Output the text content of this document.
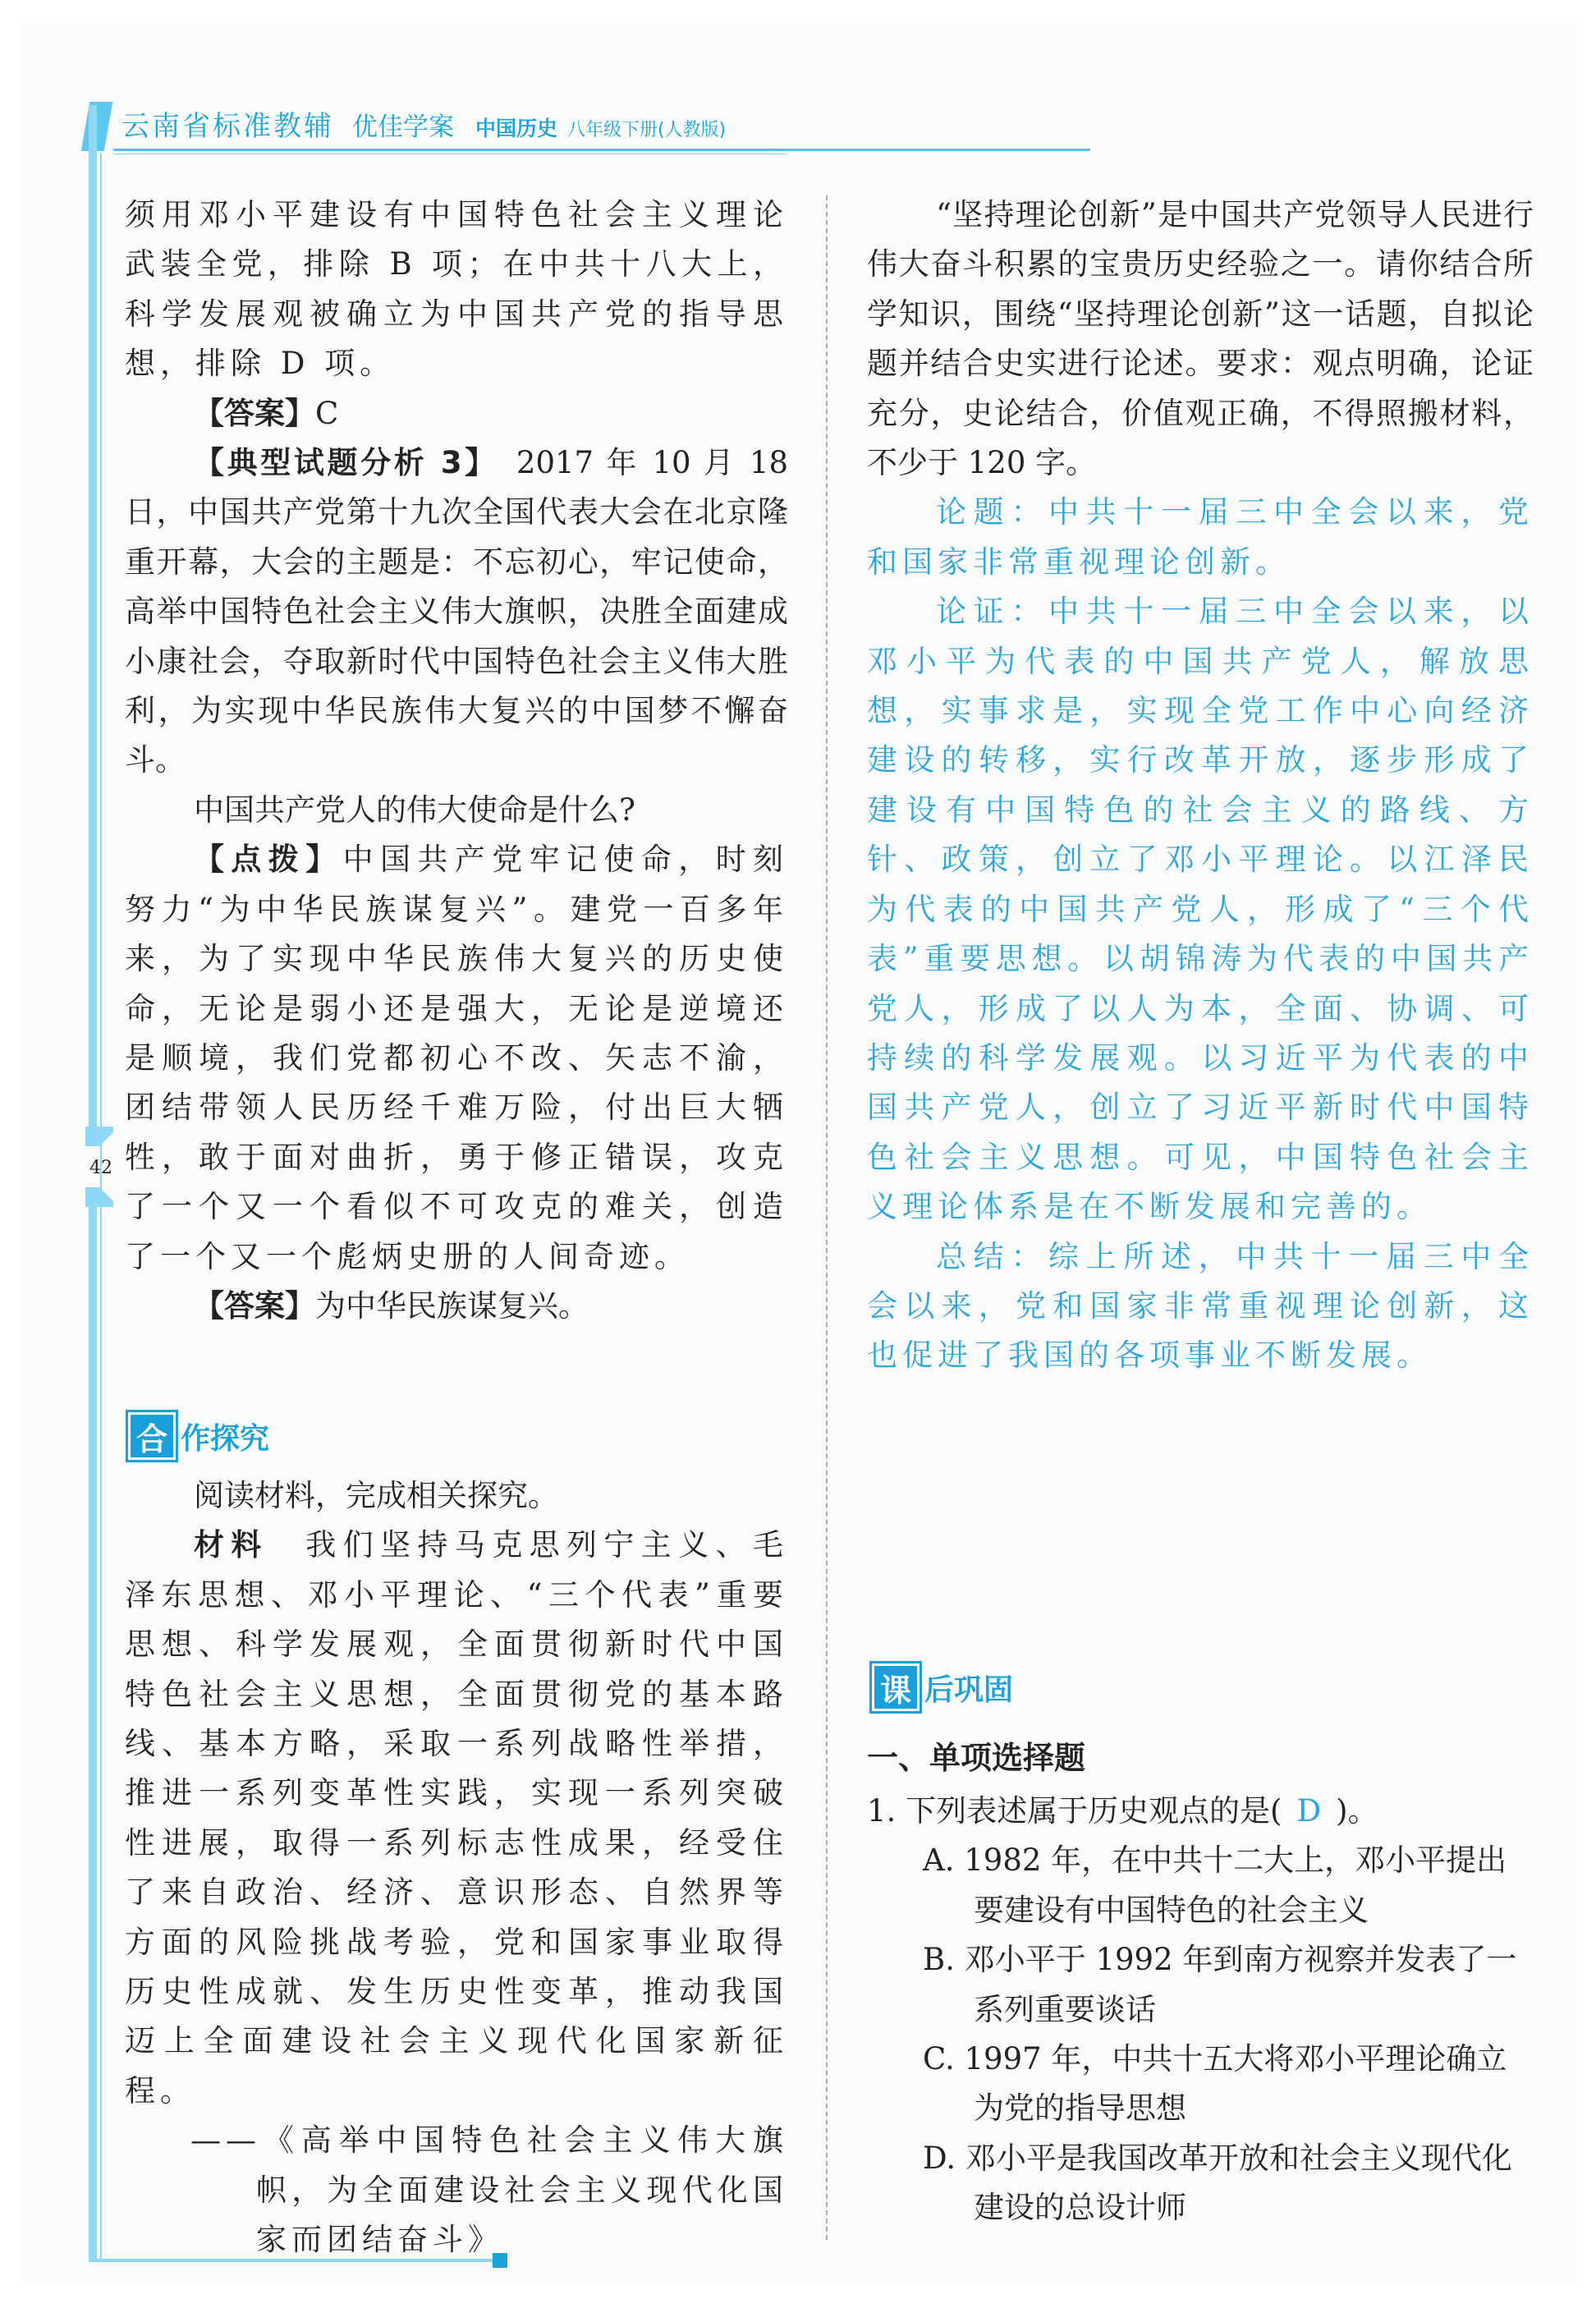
云南省标准教辅 优佳学案 中国历史 八年级下册(人教版)
42

须用邓小平建设有中国特色社会主义理论武装全党，排除 B 项；在中共十八大上，科学发展观被确立为中国共产党的指导思想，排除 D 项。

【答案】C

【典型试题分析 3】　2017 年 10 月 18 日，中国共产党第十九次全国代表大会在北京隆重开幕，大会的主题是：不忘初心，牢记使命，高举中国特色社会主义伟大旗帜，决胜全面建成小康社会，夺取新时代中国特色社会主义伟大胜利，为实现中华民族伟大复兴的中国梦不懈奋斗。

中国共产党人的伟大使命是什么?

【点拨】中国共产党牢记使命，时刻努力“为中华民族谋复兴”。建党一百多年来，为了实现中华民族伟大复兴的历史使命，无论是弱小还是强大，无论是逆境还是顺境，我们党都初心不改、矢志不渝，团结带领人民历经千难万险，付出巨大牺牲，敢于面对曲折，勇于修正错误，攻克了一个又一个看似不可攻克的难关，创造了一个又一个彪炳史册的人间奇迹。

【答案】为中华民族谋复兴。

合 作探究

阅读材料，完成相关探究。

材料　我们坚持马克思列宁主义、毛泽东思想、邓小平理论、“三个代表”重要思想、科学发展观，全面贯彻新时代中国特色社会主义思想，全面贯彻党的基本路线、基本方略，采取一系列战略性举措，推进一系列变革性实践，实现一系列突破性进展，取得一系列标志性成果，经受住了来自政治、经济、意识形态、自然界等方面的风险挑战考验，党和国家事业取得历史性成就、发生历史性变革，推动我国迈上全面建设社会主义现代化国家新征程。

——《高举中国特色社会主义伟大旗帜，为全面建设社会主义现代化国家而团结奋斗》

“坚持理论创新”是中国共产党领导人民进行伟大奋斗积累的宝贵历史经验之一。请你结合所学知识，围绕“坚持理论创新”这一话题，自拟论题并结合史实进行论述。要求：观点明确，论证充分，史论结合，价值观正确，不得照搬材料，不少于 120 字。

论题：中共十一届三中全会以来，党和国家非常重视理论创新。

论证：中共十一届三中全会以来，以邓小平为代表的中国共产党人，解放思想，实事求是，实现全党工作中心向经济建设的转移，实行改革开放，逐步形成了建设有中国特色的社会主义的路线、方针、政策，创立了邓小平理论。以江泽民为代表的中国共产党人，形成了“三个代表”重要思想。以胡锦涛为代表的中国共产党人，形成了以人为本，全面、协调、可持续的科学发展观。以习近平为代表的中国共产党人，创立了习近平新时代中国特色社会主义思想。可见，中国特色社会主义理论体系是在不断发展和完善的。

总结：综上所述，中共十一届三中全会以来，党和国家非常重视理论创新，这也促进了我国的各项事业不断发展。

课 后巩固
一、单项选择题

1. 下列表述属于历史观点的是( D )。

A. 1982 年，在中共十二大上，邓小平提出要建设有中国特色的社会主义

B. 邓小平于 1992 年到南方视察并发表了一系列重要谈话

C. 1997 年，中共十五大将邓小平理论确立为党的指导思想

D. 邓小平是我国改革开放和社会主义现代化建设的总设计师
